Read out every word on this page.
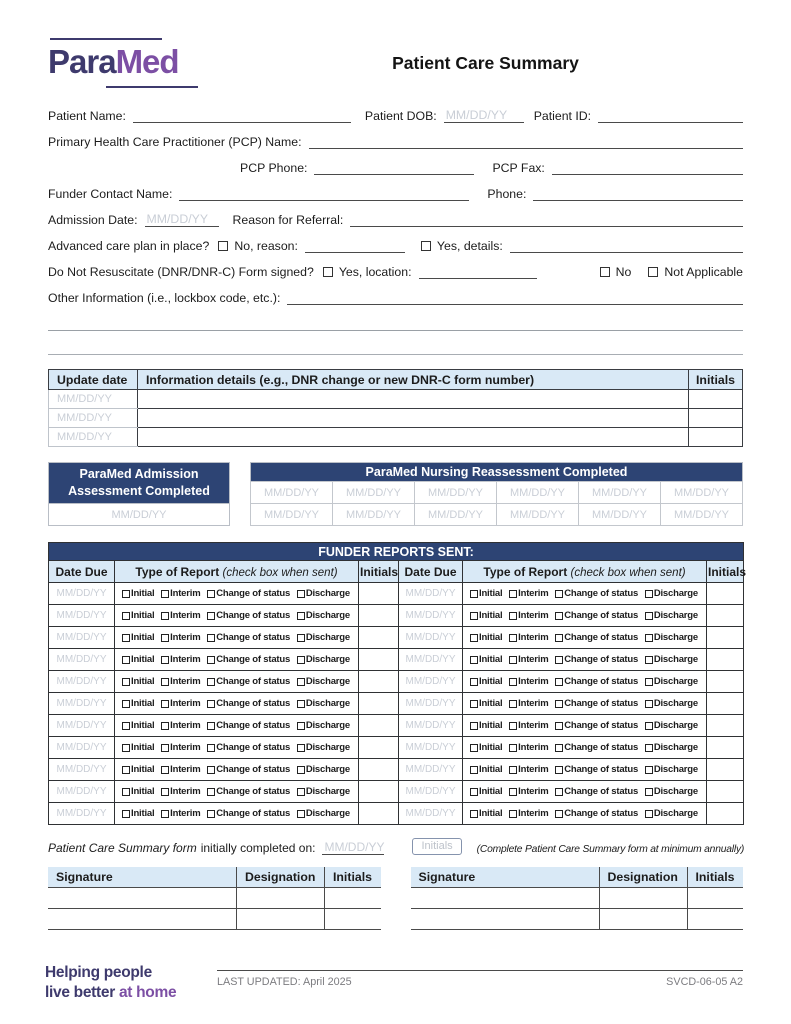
ParaMed	Patient Care Summary
Patient Name:	Patient DOB: MM/DD/YY	Patient ID:
Primary Health Care Practitioner (PCP) Name:
PCP Phone:	PCP Fax:
Funder Contact Name:	Phone:
Admission Date: MM/DD/YY	Reason for Referral:
Advanced care plan in place? No, reason:	Yes, details:
Do Not Resuscitate (DNR/DNR-C) Form signed? Yes, location:	No	Not Applicable
Other Information (i.e., lockbox code, etc.):
Update date	Information details (e.g., DNR change or new DNR-C form number)	Initials
MM/DD/YY		
MM/DD/YY		
MM/DD/YY		
ParaMed Admission
Assessment Completed

MM/DD/YY
ParaMed Nursing Reassessment Completed					
MM/DD/YY	MM/DD/YY	MM/DD/YY	MM/DD/YY	MM/DD/YY	MM/DD/YY
MM/DD/YY	MM/DD/YY	MM/DD/YY	MM/DD/YY	MM/DD/YY	MM/DD/YY
FUNDER REPORTS SENT:					
Date Due	Type of Report (check box when sent)	Initials	Date Due	Type of Report (check box when sent)	Initials
MM/DD/YY	Initial Interim Change of status Discharge		MM/DD/YY	Initial Interim Change of status Discharge	

MM/DD/YY	Initial Interim Change of status Discharge		MM/DD/YY	Initial Interim Change of status Discharge	

MM/DD/YY	Initial Interim Change of status Discharge		MM/DD/YY	Initial Interim Change of status Discharge	

MM/DD/YY	Initial Interim Change of status Discharge		MM/DD/YY	Initial Interim Change of status Discharge	

MM/DD/YY	Initial Interim Change of status Discharge		MM/DD/YY	Initial Interim Change of status Discharge	

MM/DD/YY	Initial Interim Change of status Discharge		MM/DD/YY	Initial Interim Change of status Discharge	

MM/DD/YY	Initial Interim Change of status Discharge		MM/DD/YY	Initial Interim Change of status Discharge	

MM/DD/YY	Initial Interim Change of status Discharge		MM/DD/YY	Initial Interim Change of status Discharge	

MM/DD/YY	Initial Interim Change of status Discharge		MM/DD/YY	Initial Interim Change of status Discharge	

MM/DD/YY	Initial Interim Change of status Discharge		MM/DD/YY	Initial Interim Change of status Discharge	

MM/DD/YY	Initial Interim Change of status Discharge		MM/DD/YY	Initial Interim Change of status Discharge	

Patient Care Summary form initially completed on: MM/DD/YY	Initials	(Complete Patient Care Summary form at minimum annually)
Signature	Designation	Initials

			Signature	Designation	Initials

Helping people
live better at home
LAST UPDATED: April 2025	SVCD-06-05 A2
